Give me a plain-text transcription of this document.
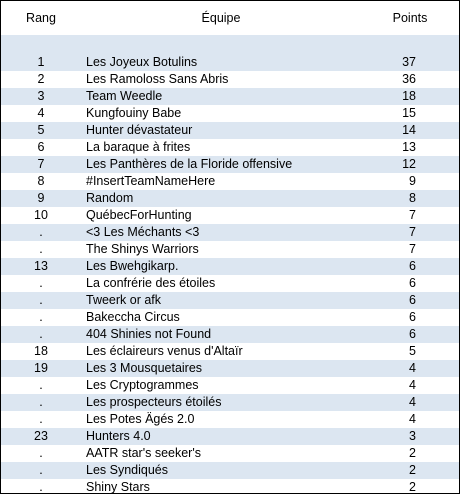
Rang	Équipe	Points

1	Les Joyeux Botulins	37
2	Les Ramoloss Sans Abris	36
3	Team Weedle	18
4	Kungfouiny Babe	15
5	Hunter dévastateur	14
6	La baraque à frites	13
7	Les Panthères de la Floride offensive	12
8	#InsertTeamNameHere	9
9	Random	8
10	QuébecForHunting	7
.	<3 Les Méchants <3	7
.	The Shinys Warriors	7
13	Les Bwehgikarp.	6
.	La confrérie des étoiles	6
.	Tweerk or afk	6
.	Bakeccha Circus	6
.	404 Shinies not Found	6
18	Les éclaireurs venus d'Altaïr	5
19	Les 3 Mousquetaires	4
.	Les Cryptogrammes	4
.	Les prospecteurs étoilés	4
.	Les Potes Ägés 2.0	4
23	Hunters 4.0	3
.	AATR star's seeker's	2
.	Les Syndiqués	2
.	Shiny Stars	2
